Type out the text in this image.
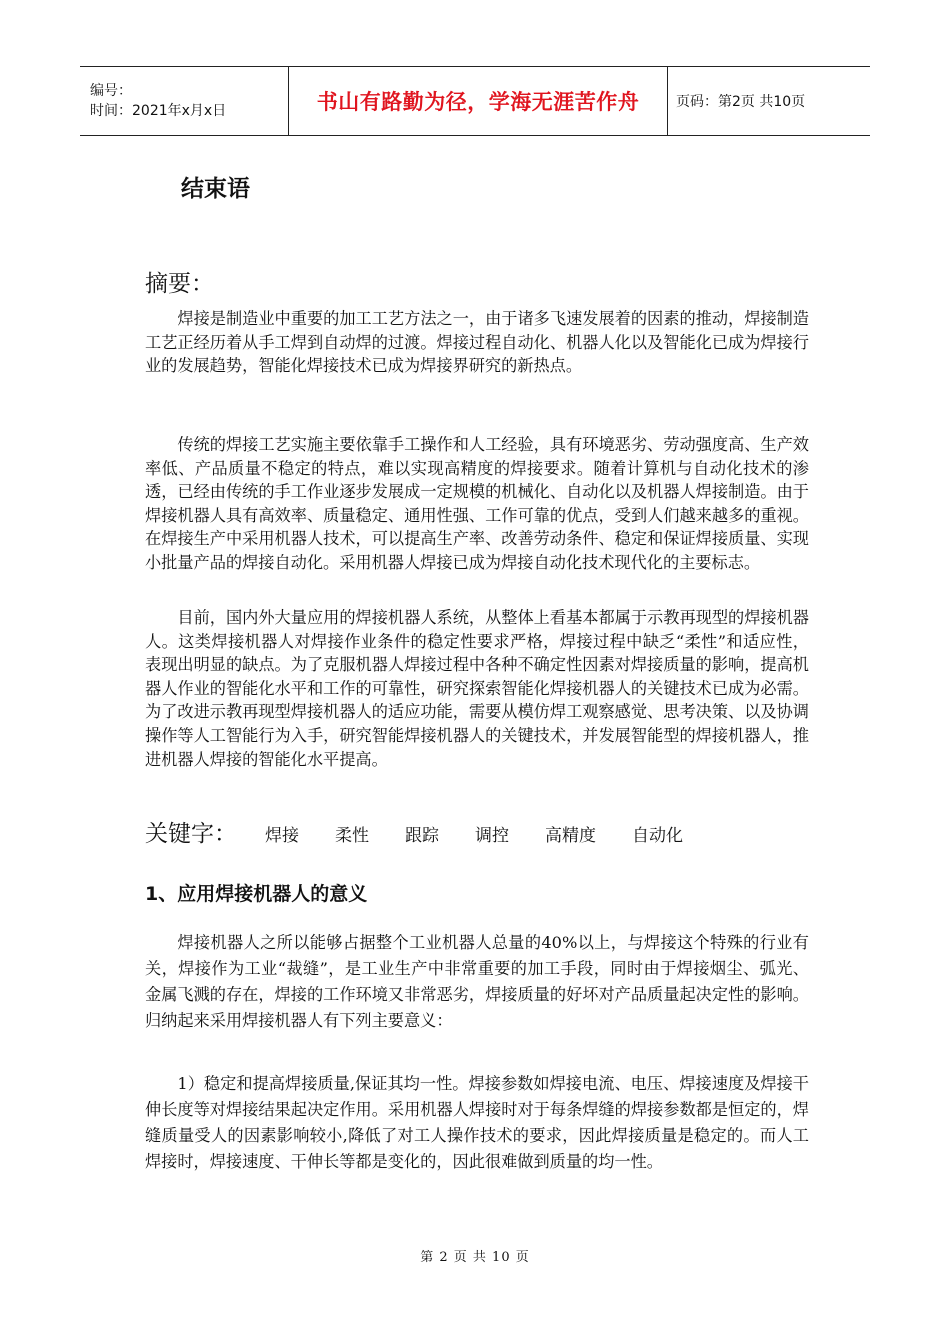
编号：
时间：2021年x月x日	书山有路勤为径，学海无涯苦作舟	页码：第2页 共10页
结束语
摘要：

焊接是制造业中重要的加工工艺方法之一，由于诸多飞速发展着的因素的推动，焊接制造工艺正经历着从手工焊到自动焊的过渡。焊接过程自动化、机器人化以及智能化已成为焊接行业的发展趋势，智能化焊接技术已成为焊接界研究的新热点。

传统的焊接工艺实施主要依靠手工操作和人工经验，具有环境恶劣、劳动强度高、生产效率低、产品质量不稳定的特点，难以实现高精度的焊接要求。随着计算机与自动化技术的渗透，已经由传统的手工作业逐步发展成一定规模的机械化、自动化以及机器人焊接制造。由于焊接机器人具有高效率、质量稳定、通用性强、工作可靠的优点，受到人们越来越多的重视。在焊接生产中采用机器人技术，可以提高生产率、改善劳动条件、稳定和保证焊接质量、实现小批量产品的焊接自动化。采用机器人焊接已成为焊接自动化技术现代化的主要标志。

目前，国内外大量应用的焊接机器人系统，从整体上看基本都属于示教再现型的焊接机器人。这类焊接机器人对焊接作业条件的稳定性要求严格，焊接过程中缺乏“柔性”和适应性，表现出明显的缺点。为了克服机器人焊接过程中各种不确定性因素对焊接质量的影响，提高机器人作业的智能化水平和工作的可靠性，研究探索智能化焊接机器人的关键技术已成为必需。为了改进示教再现型焊接机器人的适应功能，需要从模仿焊工观察感觉、思考决策、以及协调操作等人工智能行为入手，研究智能焊接机器人的关键技术，并发展智能型的焊接机器人，推进机器人焊接的智能化水平提高。

关键字： 焊接 柔性 跟踪 调控 高精度 自动化
1、应用焊接机器人的意义

焊接机器人之所以能够占据整个工业机器人总量的40%以上，与焊接这个特殊的行业有关，焊接作为工业“裁缝”，是工业生产中非常重要的加工手段，同时由于焊接烟尘、弧光、金属飞溅的存在，焊接的工作环境又非常恶劣，焊接质量的好坏对产品质量起决定性的影响。归纳起来采用焊接机器人有下列主要意义：

1）稳定和提高焊接质量,保证其均一性。焊接参数如焊接电流、电压、焊接速度及焊接干伸长度等对焊接结果起决定作用。采用机器人焊接时对于每条焊缝的焊接参数都是恒定的，焊缝质量受人的因素影响较小,降低了对工人操作技术的要求，因此焊接质量是稳定的。而人工焊接时，焊接速度、干伸长等都是变化的，因此很难做到质量的均一性。

第 2 页 共 10 页
